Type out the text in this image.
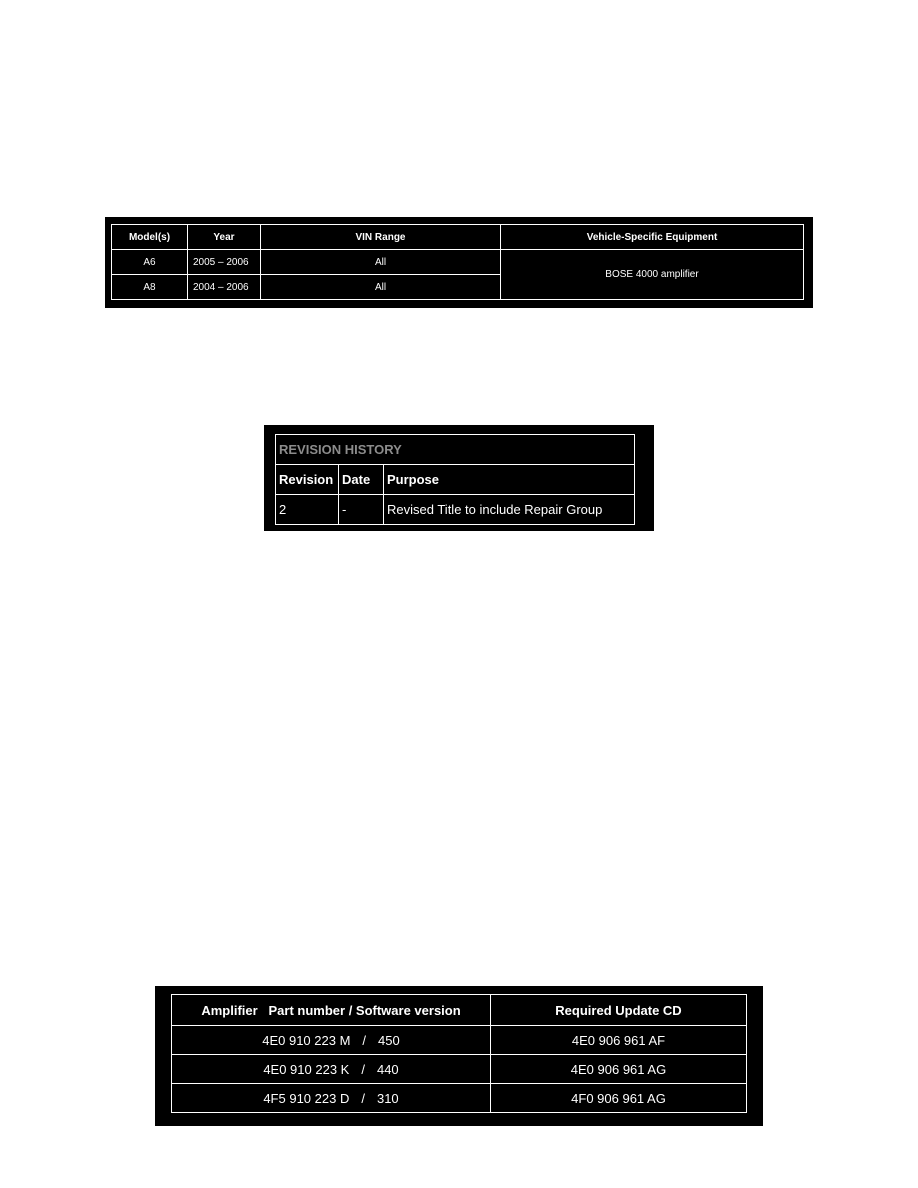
Model(s)	Year	VIN Range	Vehicle-Specific Equipment
A6	2005 – 2006	All	BOSE 4000 amplifier
A8	2004 – 2006	All	
REVISION HISTORY		
Revision	Date	Purpose
2	-	Revised Title to include Repair Group
Amplifier   Part number / Software version	Required Update CD
4E0 910 223 M / 450	4E0 906 961 AF
4E0 910 223 K / 440	4E0 906 961 AG
4F5 910 223 D / 310	4F0 906 961 AG
